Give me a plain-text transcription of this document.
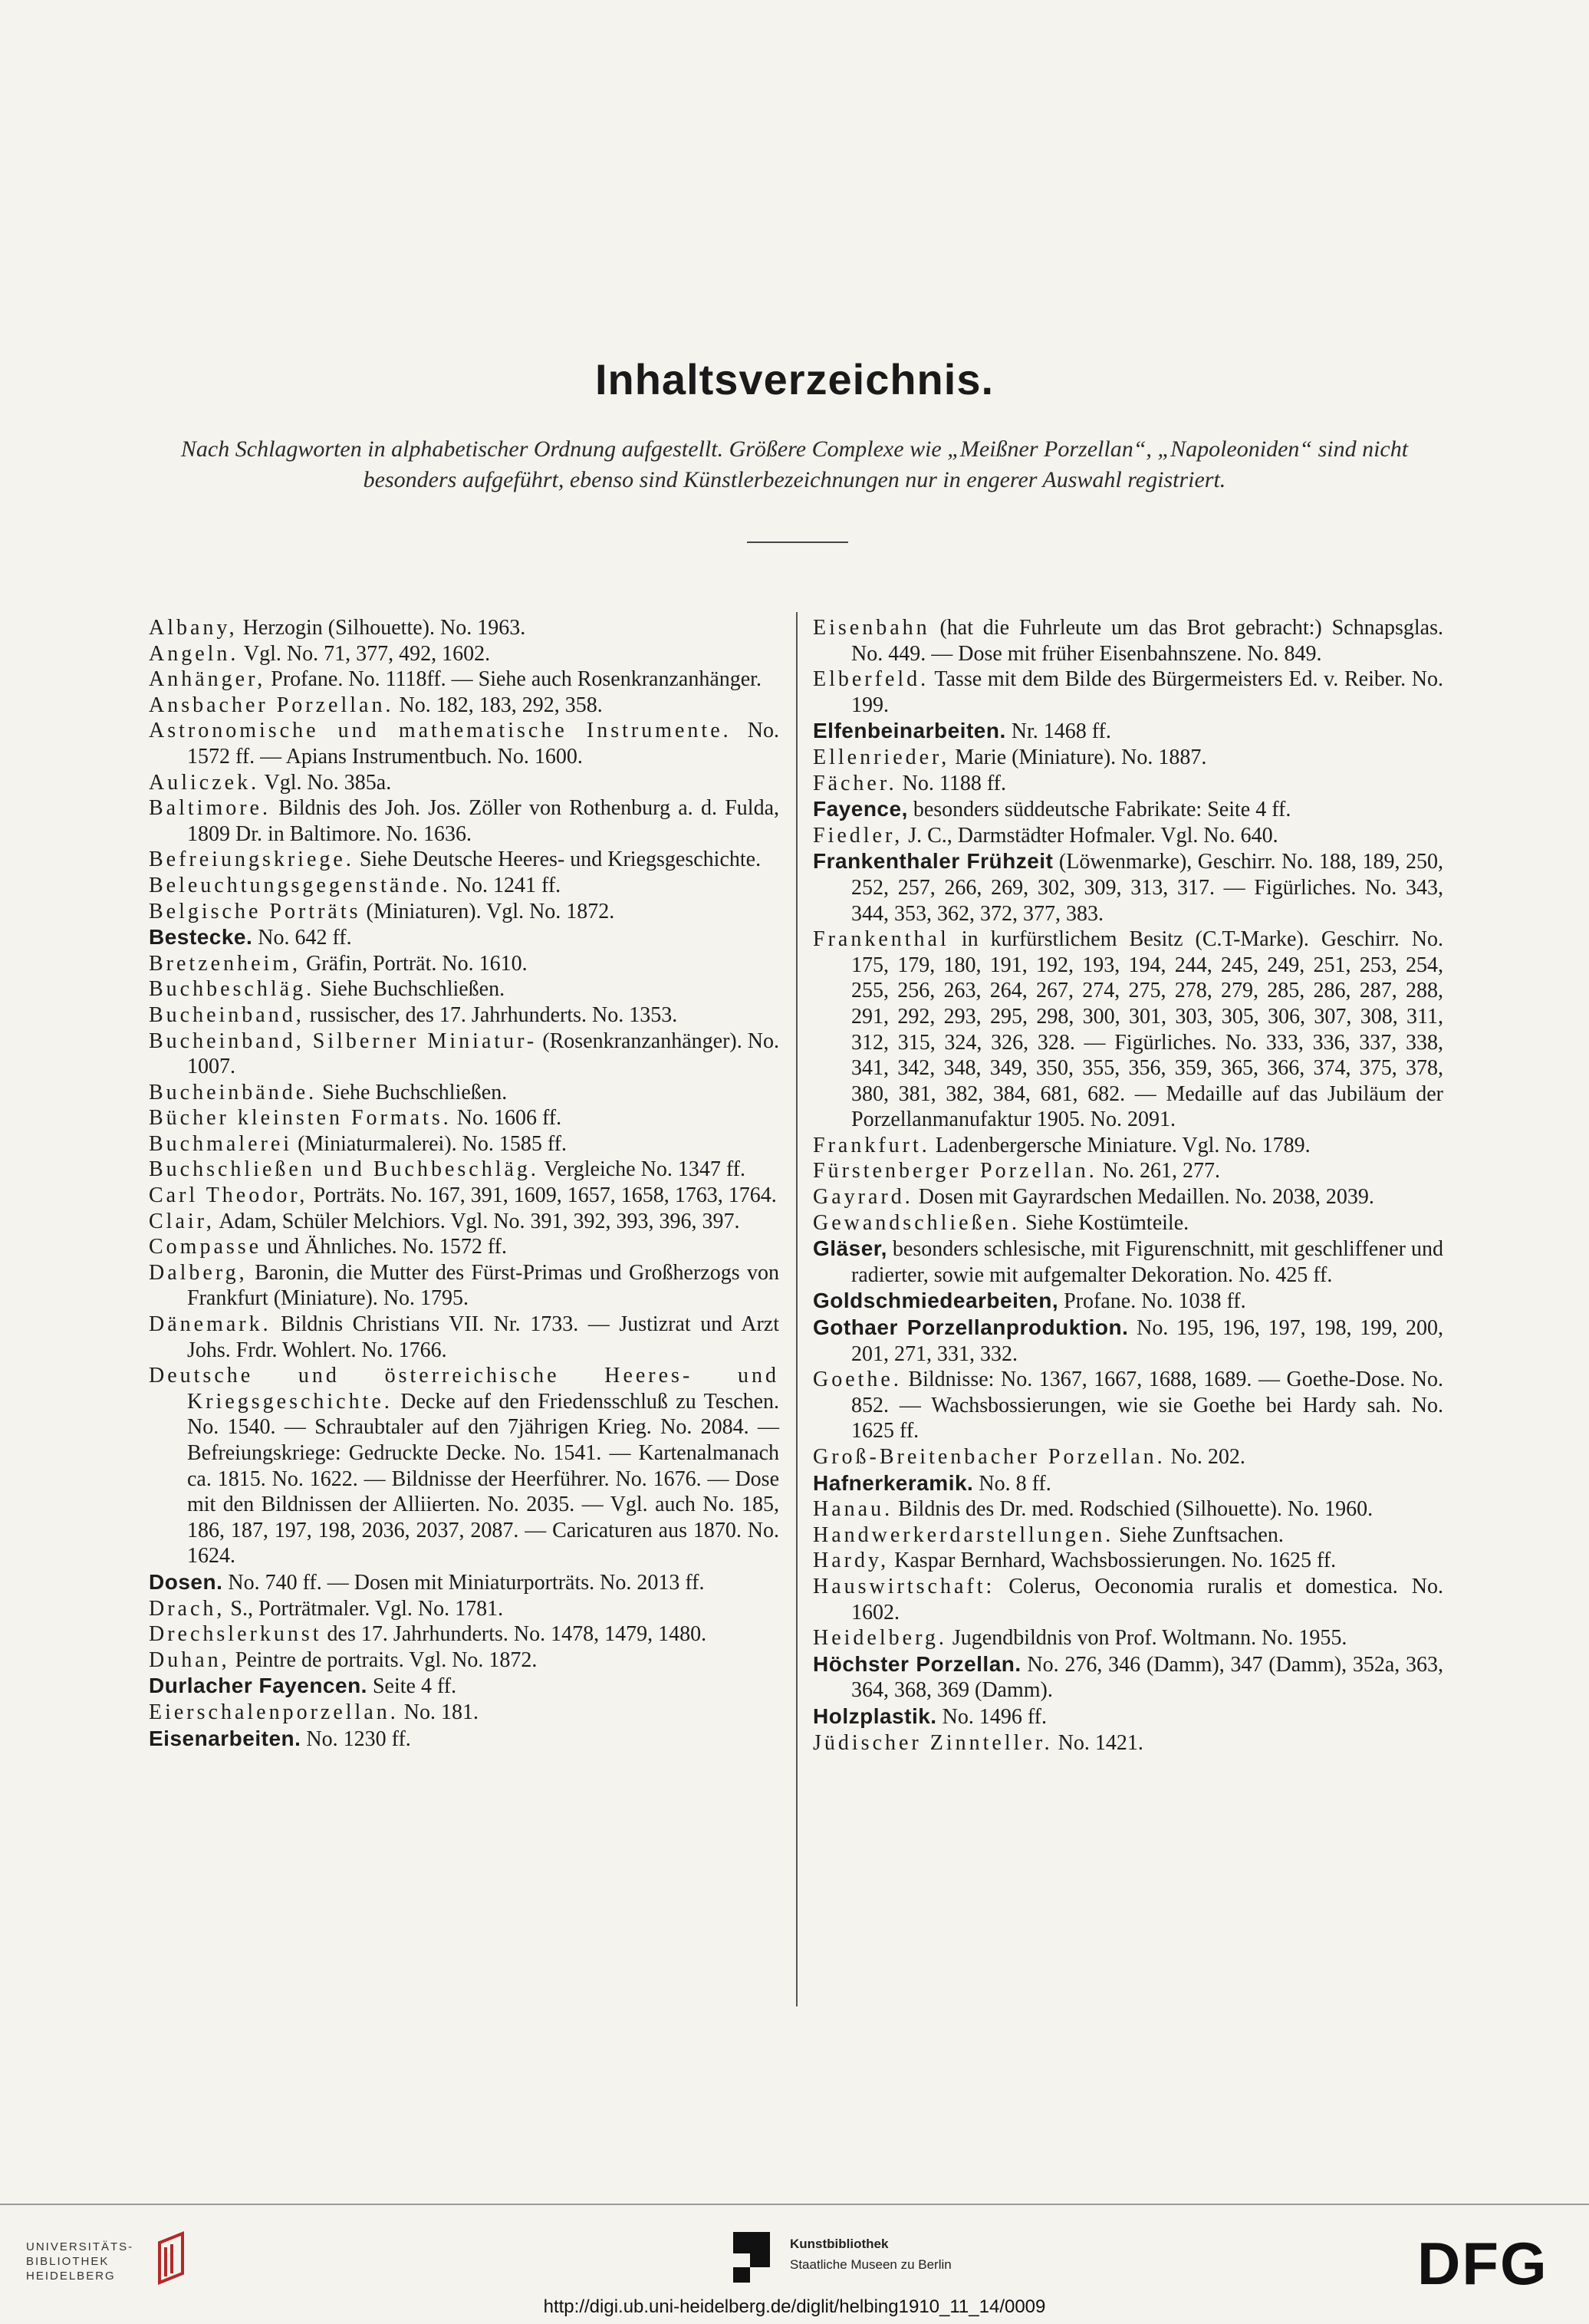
Inhaltsverzeichnis.
Nach Schlagworten in alphabetischer Ordnung aufgestellt. Größere Complexe wie „Meißner Porzellan“, „Napoleoniden“ sind nicht besonders aufgeführt, ebenso sind Künstlerbezeichnungen nur in engerer Auswahl registriert.
Albany, Herzogin (Silhouette). No. 1963.
Angeln. Vgl. No. 71, 377, 492, 1602.
Anhänger, Profane. No. 1118ff. — Siehe auch Rosenkranzanhänger.
Ansbacher Porzellan. No. 182, 183, 292, 358.
Astronomische und mathematische Instrumente. No. 1572 ff. — Apians Instrumentbuch. No. 1600.
Auliczek. Vgl. No. 385a.
Baltimore. Bildnis des Joh. Jos. Zöller von Rothenburg a. d. Fulda, 1809 Dr. in Baltimore. No. 1636.
Befreiungskriege. Siehe Deutsche Heeres- und Kriegsgeschichte.
Beleuchtungsgegenstände. No. 1241 ff.
Belgische Porträts (Miniaturen). Vgl. No. 1872.
Bestecke. No. 642 ff.
Bretzenheim, Gräfin, Porträt. No. 1610.
Buchbeschläg. Siehe Buchschließen.
Bucheinband, russischer, des 17. Jahrhunderts. No. 1353.
Bucheinband, Silberner Miniatur- (Rosenkranzanhänger). No. 1007.
Bucheinbände. Siehe Buchschließen.
Bücher kleinsten Formats. No. 1606 ff.
Buchmalerei (Miniaturmalerei). No. 1585 ff.
Buchschließen und Buchbeschläg. Vergleiche No. 1347 ff.
Carl Theodor, Porträts. No. 167, 391, 1609, 1657, 1658, 1763, 1764.
Clair, Adam, Schüler Melchiors. Vgl. No. 391, 392, 393, 396, 397.
Compasse und Ähnliches. No. 1572 ff.
Dalberg, Baronin, die Mutter des Fürst-Primas und Großherzogs von Frankfurt (Miniature). No. 1795.
Dänemark. Bildnis Christians VII. Nr. 1733. — Justizrat und Arzt Johs. Frdr. Wohlert. No. 1766.
Deutsche und österreichische Heeres- und Kriegsgeschichte. Decke auf den Friedensschluß zu Teschen. No. 1540. — Schraubtaler auf den 7jährigen Krieg. No. 2084. — Befreiungskriege: Gedruckte Decke. No. 1541. — Kartenalmanach ca. 1815. No. 1622. — Bildnisse der Heerführer. No. 1676. — Dose mit den Bildnissen der Alliierten. No. 2035. — Vgl. auch No. 185, 186, 187, 197, 198, 2036, 2037, 2087. — Caricaturen aus 1870. No. 1624.
Dosen. No. 740 ff. — Dosen mit Miniaturporträts. No. 2013 ff.
Drach, S., Porträtmaler. Vgl. No. 1781.
Drechslerkunst des 17. Jahrhunderts. No. 1478, 1479, 1480.
Duhan, Peintre de portraits. Vgl. No. 1872.
Durlacher Fayencen. Seite 4 ff.
Eierschalenporzellan. No. 181.
Eisenarbeiten. No. 1230 ff.
Eisenbahn (hat die Fuhrleute um das Brot gebracht:) Schnapsglas. No. 449. — Dose mit früher Eisenbahnszene. No. 849.
Elberfeld. Tasse mit dem Bilde des Bürgermeisters Ed. v. Reiber. No. 199.
Elfenbeinarbeiten. Nr. 1468 ff.
Ellenrieder, Marie (Miniature). No. 1887.
Fächer. No. 1188 ff.
Fayence, besonders süddeutsche Fabrikate: Seite 4 ff.
Fiedler, J. C., Darmstädter Hofmaler. Vgl. No. 640.
Frankenthaler Frühzeit (Löwenmarke), Geschirr. No. 188, 189, 250, 252, 257, 266, 269, 302, 309, 313, 317. — Figürliches. No. 343, 344, 353, 362, 372, 377, 383.
Frankenthal in kurfürstlichem Besitz (C.T-Marke). Geschirr. No. 175, 179, 180, 191, 192, 193, 194, 244, 245, 249, 251, 253, 254, 255, 256, 263, 264, 267, 274, 275, 278, 279, 285, 286, 287, 288, 291, 292, 293, 295, 298, 300, 301, 303, 305, 306, 307, 308, 311, 312, 315, 324, 326, 328. — Figürliches. No. 333, 336, 337, 338, 341, 342, 348, 349, 350, 355, 356, 359, 365, 366, 374, 375, 378, 380, 381, 382, 384, 681, 682. — Medaille auf das Jubiläum der Porzellanmanufaktur 1905. No. 2091.
Frankfurt. Ladenbergersche Miniature. Vgl. No. 1789.
Fürstenberger Porzellan. No. 261, 277.
Gayrard. Dosen mit Gayrardschen Medaillen. No. 2038, 2039.
Gewandschließen. Siehe Kostümteile.
Gläser, besonders schlesische, mit Figurenschnitt, mit geschliffener und radierter, sowie mit aufgemalter Dekoration. No. 425 ff.
Goldschmiedearbeiten, Profane. No. 1038 ff.
Gothaer Porzellanproduktion. No. 195, 196, 197, 198, 199, 200, 201, 271, 331, 332.
Goethe. Bildnisse: No. 1367, 1667, 1688, 1689. — Goethe-Dose. No. 852. — Wachsbossierungen, wie sie Goethe bei Hardy sah. No. 1625 ff.
Groß-Breitenbacher Porzellan. No. 202.
Hafnerkeramik. No. 8 ff.
Hanau. Bildnis des Dr. med. Rodschied (Silhouette). No. 1960.
Handwerkerdarstellungen. Siehe Zunftsachen.
Hardy, Kaspar Bernhard, Wachsbossierungen. No. 1625 ff.
Hauswirtschaft: Colerus, Oeconomia ruralis et domestica. No. 1602.
Heidelberg. Jugendbildnis von Prof. Woltmann. No. 1955.
Höchster Porzellan. No. 276, 346 (Damm), 347 (Damm), 352a, 363, 364, 368, 369 (Damm).
Holzplastik. No. 1496 ff.
Jüdischer Zinnteller. No. 1421.
UNIVERSITÄTS-
BIBLIOTHEK
HEIDELBERG
Kunstbibliothek
Staatliche Museen zu Berlin	DFG
http://digi.ub.uni-heidelberg.de/diglit/helbing1910_11_14/0009
